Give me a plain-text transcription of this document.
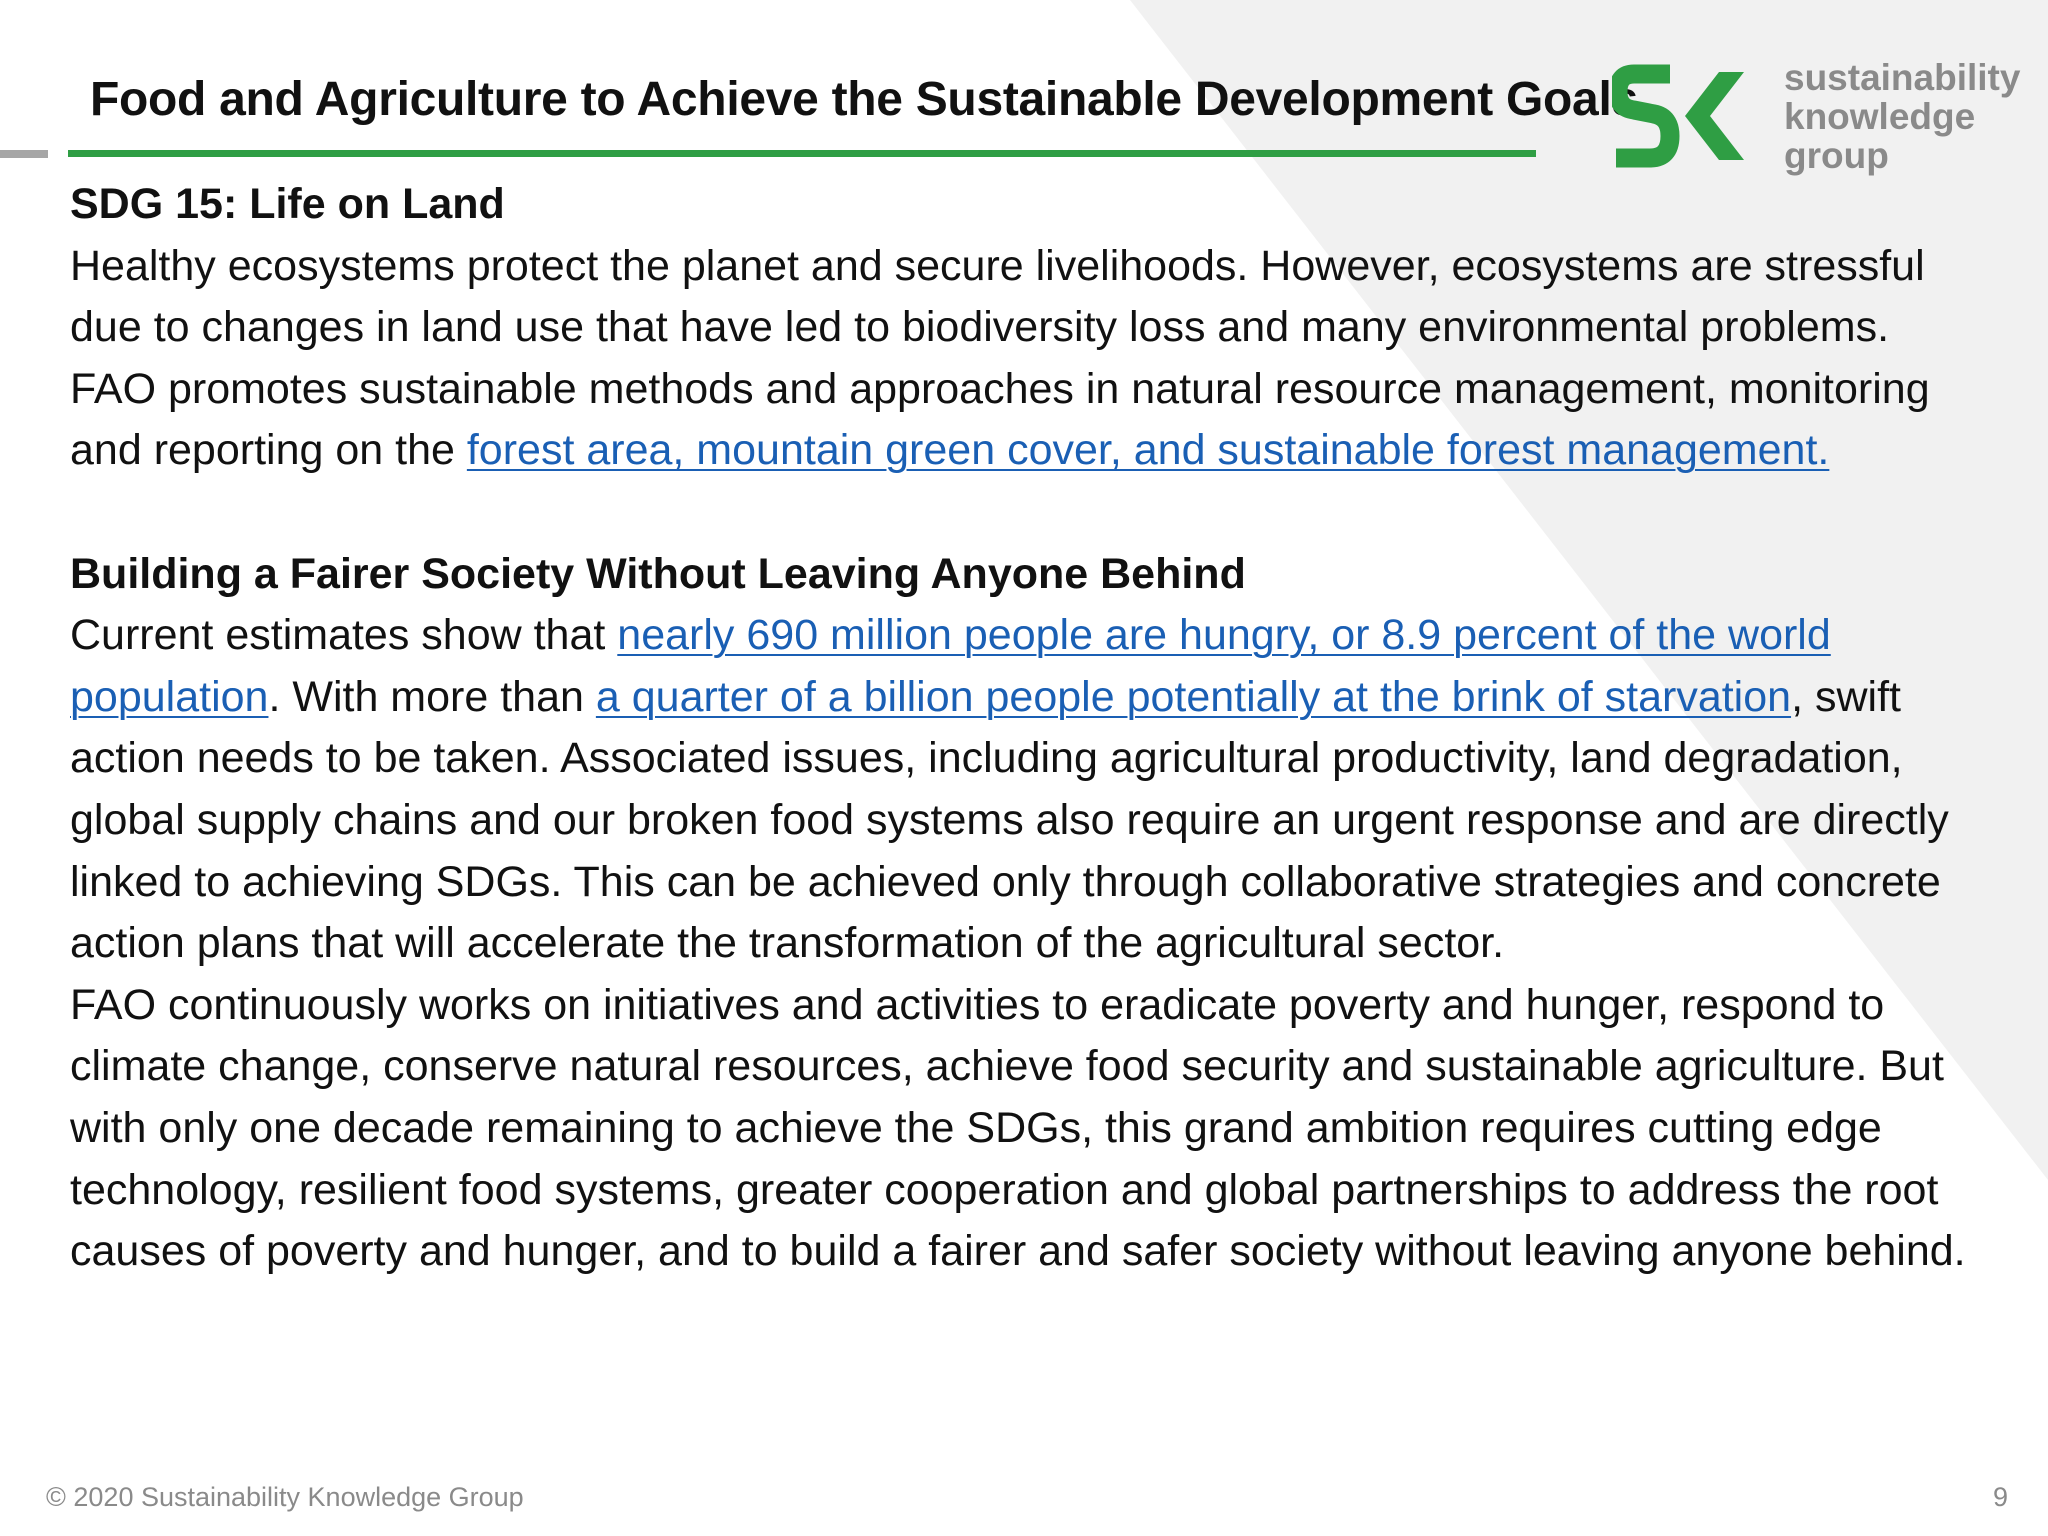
Food and Agriculture to Achieve the Sustainable Development Goals	sustainability
knowledge
group

SDG 15: Life on Land

Healthy ecosystems protect the planet and secure livelihoods. However, ecosystems are stressful due to changes in land use that have led to biodiversity loss and many environmental problems. FAO promotes sustainable methods and approaches in natural resource management, monitoring and reporting on the forest area, mountain green cover, and sustainable forest management.

Building a Fairer Society Without Leaving Anyone Behind

Current estimates show that nearly 690 million people are hungry, or 8.9 percent of the world population. With more than a quarter of a billion people potentially at the brink of starvation, swift action needs to be taken. Associated issues, including agricultural productivity, land degradation, global supply chains and our broken food systems also require an urgent response and are directly linked to achieving SDGs. This can be achieved only through collaborative strategies and concrete action plans that will accelerate the transformation of the agricultural sector.

FAO continuously works on initiatives and activities to eradicate poverty and hunger, respond to climate change, conserve natural resources, achieve food security and sustainable agriculture. But with only one decade remaining to achieve the SDGs, this grand ambition requires cutting edge technology, resilient food systems, greater cooperation and global partnerships to address the root causes of poverty and hunger, and to build a fairer and safer society without leaving anyone behind.

© 2020 Sustainability Knowledge Group	9
